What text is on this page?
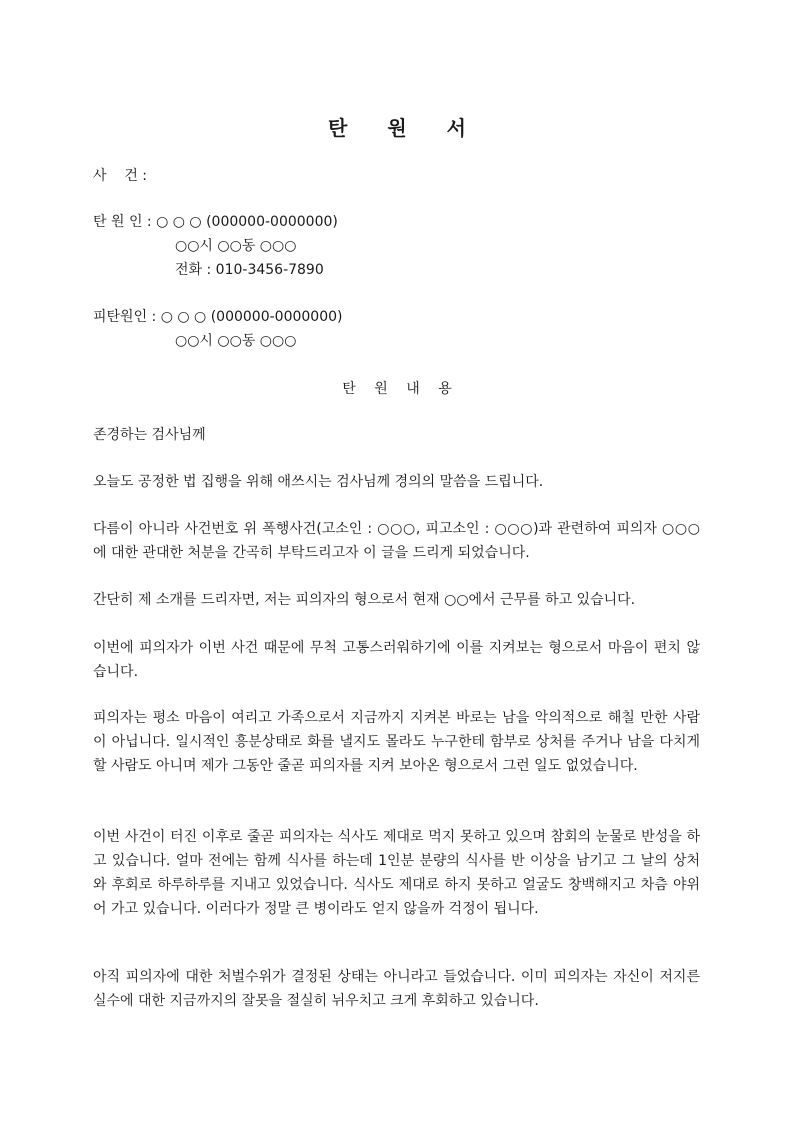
탄 원 서
사    건 :
탄 원 인 : ○ ○ ○ (000000-0000000)
○○시 ○○동 ○○○
전화 : 010-3456-7890
피탄원인 : ○ ○ ○ (000000-0000000)
○○시 ○○동 ○○○
탄 원 내 용

존경하는 검사님께

오늘도 공정한 법 집행을 위해 애쓰시는 검사님께 경의의 말씀을 드립니다.

다름이 아니라 사건번호 위 폭행사건(고소인 : ○○○, 피고소인 : ○○○)과 관련하여 피의자 ○○○에 대한 관대한 처분을 간곡히 부탁드리고자 이 글을 드리게 되었습니다.

간단히 제 소개를 드리자면, 저는 피의자의 형으로서 현재 ○○에서 근무를 하고 있습니다.

이번에 피의자가 이번 사건 때문에 무척 고통스러워하기에 이를 지켜보는 형으로서 마음이 편치 않습니다.

피의자는 평소 마음이 여리고 가족으로서 지금까지 지켜본 바로는 남을 악의적으로 해칠 만한 사람이 아닙니다. 일시적인 흥분상태로 화를 낼지도 몰라도 누구한테 함부로 상처를 주거나 남을 다치게 할 사람도 아니며 제가 그동안 줄곧 피의자를 지켜 보아온 형으로서 그런 일도 없었습니다.

이번 사건이 터진 이후로 줄곧 피의자는 식사도 제대로 먹지 못하고 있으며 참회의 눈물로 반성을 하고 있습니다. 얼마 전에는 함께 식사를 하는데 1인분 분량의 식사를 반 이상을 남기고 그 날의 상처와 후회로 하루하루를 지내고 있었습니다. 식사도 제대로 하지 못하고 얼굴도 창백해지고 차츰 야위어 가고 있습니다. 이러다가 정말 큰 병이라도 얻지 않을까 걱정이 됩니다.

아직 피의자에 대한 처벌수위가 결정된 상태는 아니라고 들었습니다. 이미 피의자는 자신이 저지른 실수에 대한 지금까지의 잘못을 절실히 뉘우치고 크게 후회하고 있습니다.
